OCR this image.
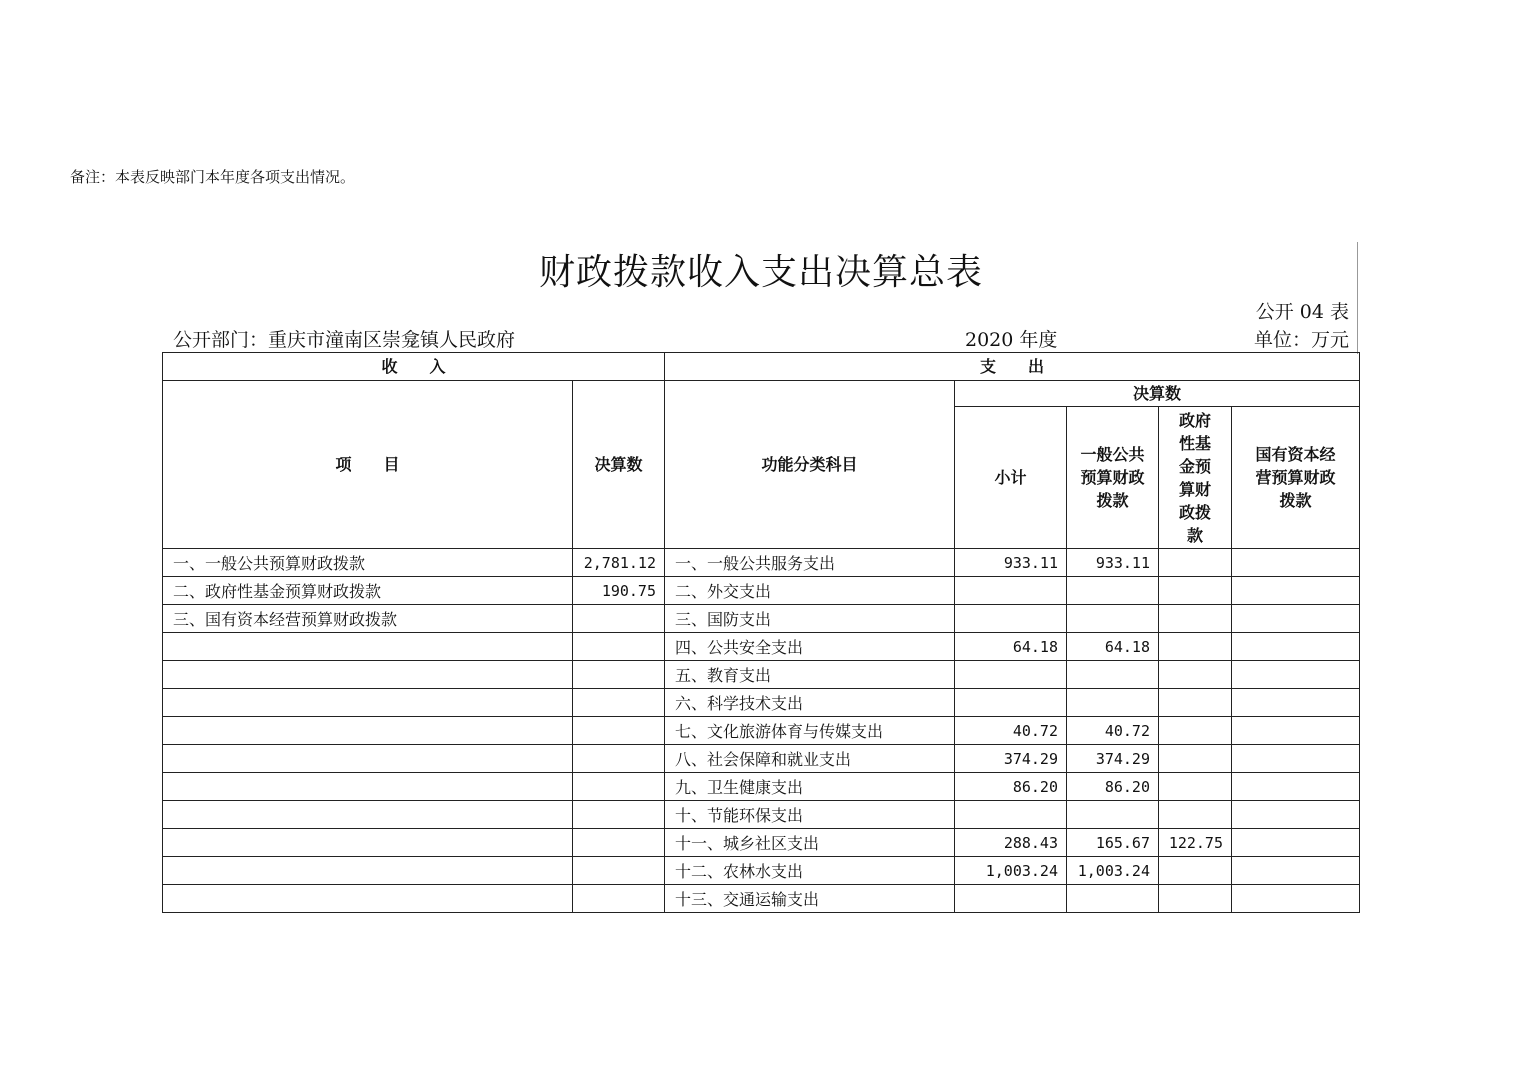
备注：本表反映部门本年度各项支出情况。
财政拨款收入支出决算总表
公开 04 表
公开部门：重庆市潼南区崇龛镇人民政府	2020 年度	单位：万元
收　　入		支　　出				
项　　目	决算数	功能分类科目	决算数			
			小计	一般公共预算财政拨款	政府性基金预算财政拨款	国有资本经营预算财政拨款
一、一般公共预算财政拨款	2,781.12	一、一般公共服务支出	933.11	933.11		
二、政府性基金预算财政拨款	190.75	二、外交支出				
三、国有资本经营预算财政拨款		三、国防支出				
		四、公共安全支出	64.18	64.18		
		五、教育支出				
		六、科学技术支出				
		七、文化旅游体育与传媒支出	40.72	40.72		
		八、社会保障和就业支出	374.29	374.29		
		九、卫生健康支出	86.20	86.20		
		十、节能环保支出				
		十一、城乡社区支出	288.43	165.67	122.75	
		十二、农林水支出	1,003.24	1,003.24		
		十三、交通运输支出				
